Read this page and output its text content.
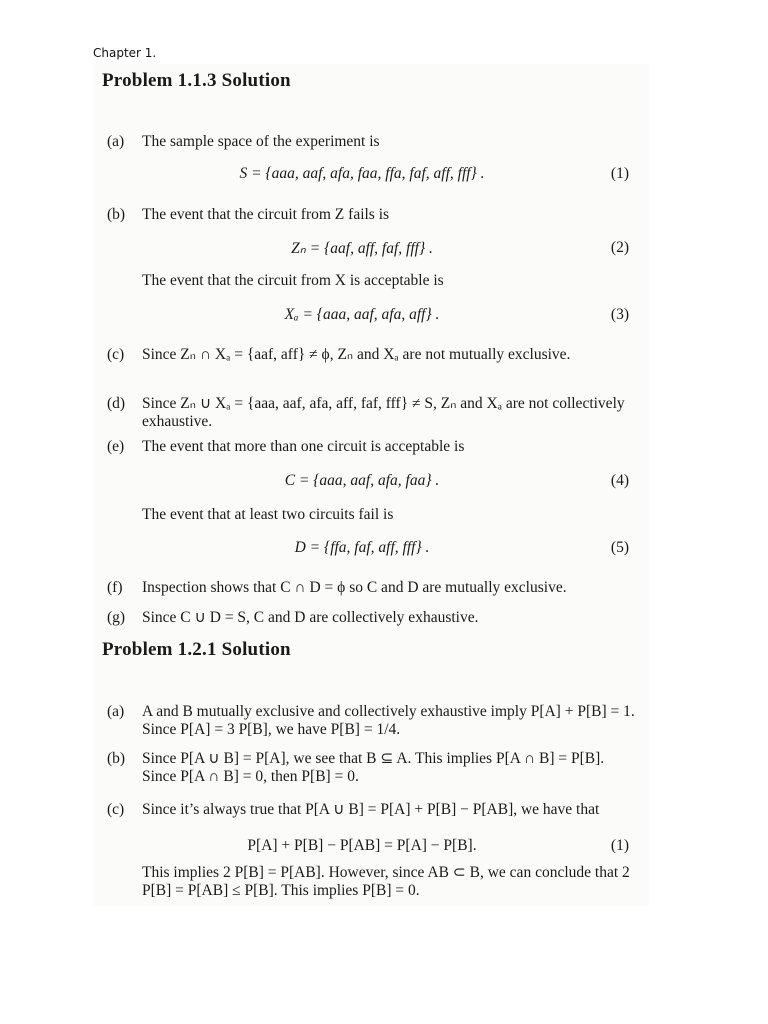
Chapter 1.
Problem 1.1.3 Solution
(a)	The sample space of the experiment is
S = {aaa, aaf, afa, faa, ffa, faf, aff, fff} .	(1)
(b)	The event that the circuit from Z fails is
Zₙ = {aaf, aff, faf, fff} .	(2)
The event that the circuit from X is acceptable is
Xₐ = {aaa, aaf, afa, aff} .	(3)
(c)	Since Zₙ ∩ Xₐ = {aaf, aff} ≠ ϕ, Zₙ and Xₐ are not mutually exclusive.
(d)	Since Zₙ ∪ Xₐ = {aaa, aaf, afa, aff, faf, fff} ≠ S, Zₙ and Xₐ are not collectively exhaustive.
(e)	The event that more than one circuit is acceptable is
C = {aaa, aaf, afa, faa} .	(4)
The event that at least two circuits fail is
D = {ffa, faf, aff, fff} .	(5)
(f)	Inspection shows that C ∩ D = ϕ so C and D are mutually exclusive.
(g)	Since C ∪ D = S, C and D are collectively exhaustive.
Problem 1.2.1 Solution
(a)	A and B mutually exclusive and collectively exhaustive imply P[A] + P[B] = 1. Since P[A] = 3 P[B], we have P[B] = 1/4.
(b)	Since P[A ∪ B] = P[A], we see that B ⊆ A. This implies P[A ∩ B] = P[B]. Since P[A ∩ B] = 0, then P[B] = 0.
(c)	Since it’s always true that P[A ∪ B] = P[A] + P[B] − P[AB], we have that
P[A] + P[B] − P[AB] = P[A] − P[B].	(1)
This implies 2 P[B] = P[AB]. However, since AB ⊂ B, we can conclude that 2 P[B] = P[AB] ≤ P[B]. This implies P[B] = 0.
